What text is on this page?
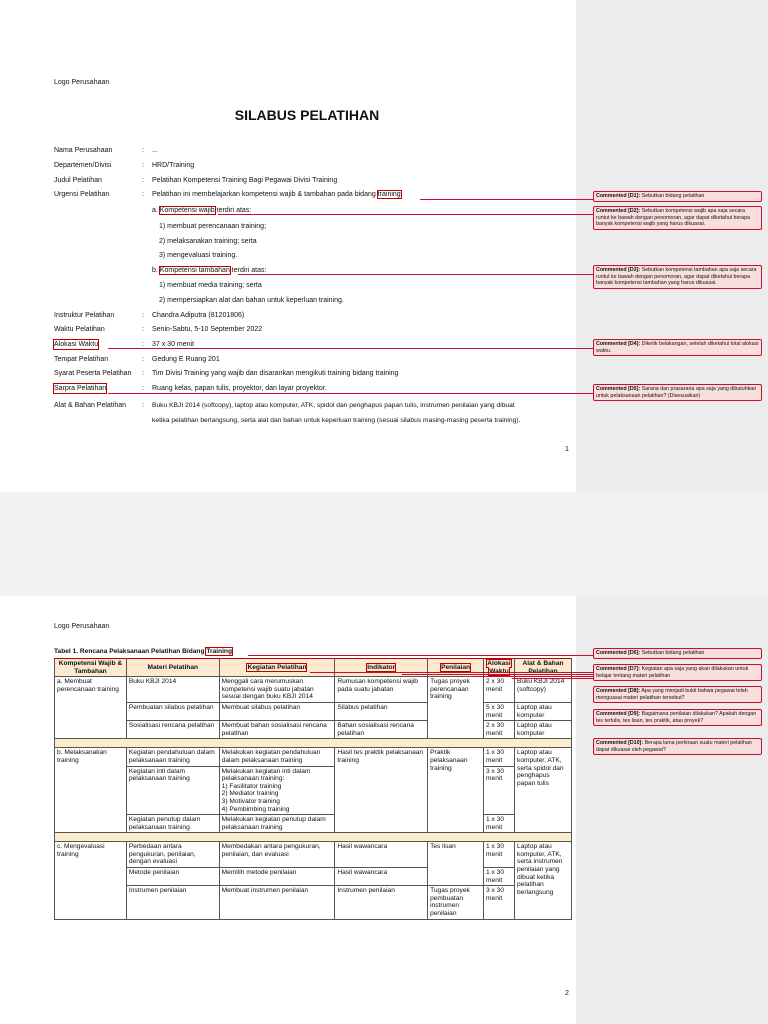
Logo Perusahaan
SILABUS PELATIHAN
Nama Perusahaan	: ...
Departemen/Divisi	: HRD/Training
Judul Pelatihan	: Pelatihan Kompetensi Training Bagi Pegawai Divisi Training
Urgensi Pelatihan	: Pelatihan ini membelajarkan kompetensi wajib & tambahan pada bidang training
a. Kompetensi wajib terdiri atas:
1) membuat perencanaan training;
2) melaksanakan training; serta
3) mengevaluasi training.
b. Kompetensi tambahan terdiri atas:
1) membuat media training; serta
2) mempersiapkan alat dan bahan untuk keperluan training.
Instruktur Pelatihan	: Chandra Adiputra (81201806)
Waktu Pelatihan	: Senin-Sabtu, 5-10 September 2022
Alokasi Waktu	: 37 x 30 menit
Tempat Pelatihan	: Gedung E Ruang 201
Syarat Peserta Pelatihan : Tim Divisi Training yang wajib dan disarankan mengikuti training bidang training
Sarpra Pelatihan	: Ruang kelas, papan tulis, proyektor, dan layar proyektor.
Alat & Bahan Pelatihan : Buku KBJI 2014 (softcopy), laptop atau komputer, ATK, spidol dan penghapus papan tulis, instrumen penilaian yang dibuat
ketika pelatihan berlangsung, serta alat dan bahan untuk keperluan training (sesuai silabus masing-masing peserta training).
1
Commented [D1]: Sebutkan bidang pelatihan
Commented [D2]: Sebutkan kompetensi wajib apa saja secara runtut ke bawah dengan penomoran, agar dapat diketahui berapa banyak kompetensi wajib yang harus dikuasai.
Commented [D3]: Sebutkan kompetensi tambahan apa saja secara runtut ke bawah dengan penomoran, agar dapat diketahui berapa banyak kompetensi tambahan yang harus dikuasai.
Commented [D4]: Diketik belakangan, setelah diketahui total alokasi waktu.
Commented [D5]: Sarana dan prasarana apa saja yang dibutuhkan untuk pelaksanaan pelatihan? (Disesuaikan)
Logo Perusahaan
Tabel 1. Rencana Pelaksanaan Pelatihan Bidang Training
Kompetensi Wajib & Tambahan	Materi Pelatihan	Kegiatan Pelatihan	Indikator	Penilaian	Alokasi Waktu	Alat & Bahan Pelatihan
a. Membuat perencanaan training	Buku KBJI 2014	Menggali cara merumuskan kompetensi wajib suatu jabatan sesuai dengan buku KBJI 2014	Rumusan kompetensi wajib pada suatu jabatan	Tugas proyek perencanaan training	2 x 30 menit	Buku KBJI 2014 (softcopy)
	Pembuatan silabus pelatihan	Membuat silabus pelatihan	Silabus pelatihan		5 x 30 menit	Laptop atau komputer
	Sosialisasi rencana pelatihan	Membuat bahan sosialisasi rencana pelatihan	Bahan sosialisasi rencana pelatihan		2 x 30 menit	Laptop atau komputer

b. Melaksanakan training	Kegiatan pendahuluan dalam pelaksanaan training	Melakukan kegiatan pendahuluan dalam pelaksanaan training	Hasil tes praktik pelaksanaan training	Praktik pelaksanaan training	1 x 30 menit	Laptop atau komputer, ATK, serta spidol dan penghapus papan tulis
	Kegiatan inti dalam pelaksanaan training	Melakukan kegiatan inti dalam pelaksanaan training:
1) Fasilitator training
2) Mediator training
3) Motivator training
4) Pembimbing training			3 x 30 menit	
	Kegiatan penutup dalam pelaksanaan training	Melakukan kegiatan penutup dalam pelaksanaan training			1 x 30 menit	

c. Mengevaluasi training	Perbedaan antara pengukuran, penilaian, dengan evaluasi	Membedakan antara pengukuran, penilaian, dan evaluasi	Hasil wawancara	Tes lisan	1 x 30 menit	Laptop atau komputer, ATK, serta instrumen penilaian yang dibuat ketika pelatihan berlangsung
	Metode penilaian	Memilih metode penilaian	Hasil wawancara		1 x 30 menit	
	Instrumen penilaian	Membuat instrumen penilaian	Instrumen penilaian	Tugas proyek pembuatan instrumen penilaian	3 x 30 menit	
2
Commented [D6]: Sebutkan bidang pelatihan
Commented [D7]: Kegiatan apa saja yang akan dilakukan untuk belajar tentang materi pelatihan
Commented [D8]: Apa yang menjadi bukti bahwa pegawai telah menguasai materi pelatihan tersebut?
Commented [D9]: Bagaimana penilaian dilakukan? Apakah dengan tes tertulis, tes lisan, tes praktik, atau proyek?
Commented [D10]: Berapa lama perkiraan suatu materi pelatihan dapat dikuasai oleh pegawai?
